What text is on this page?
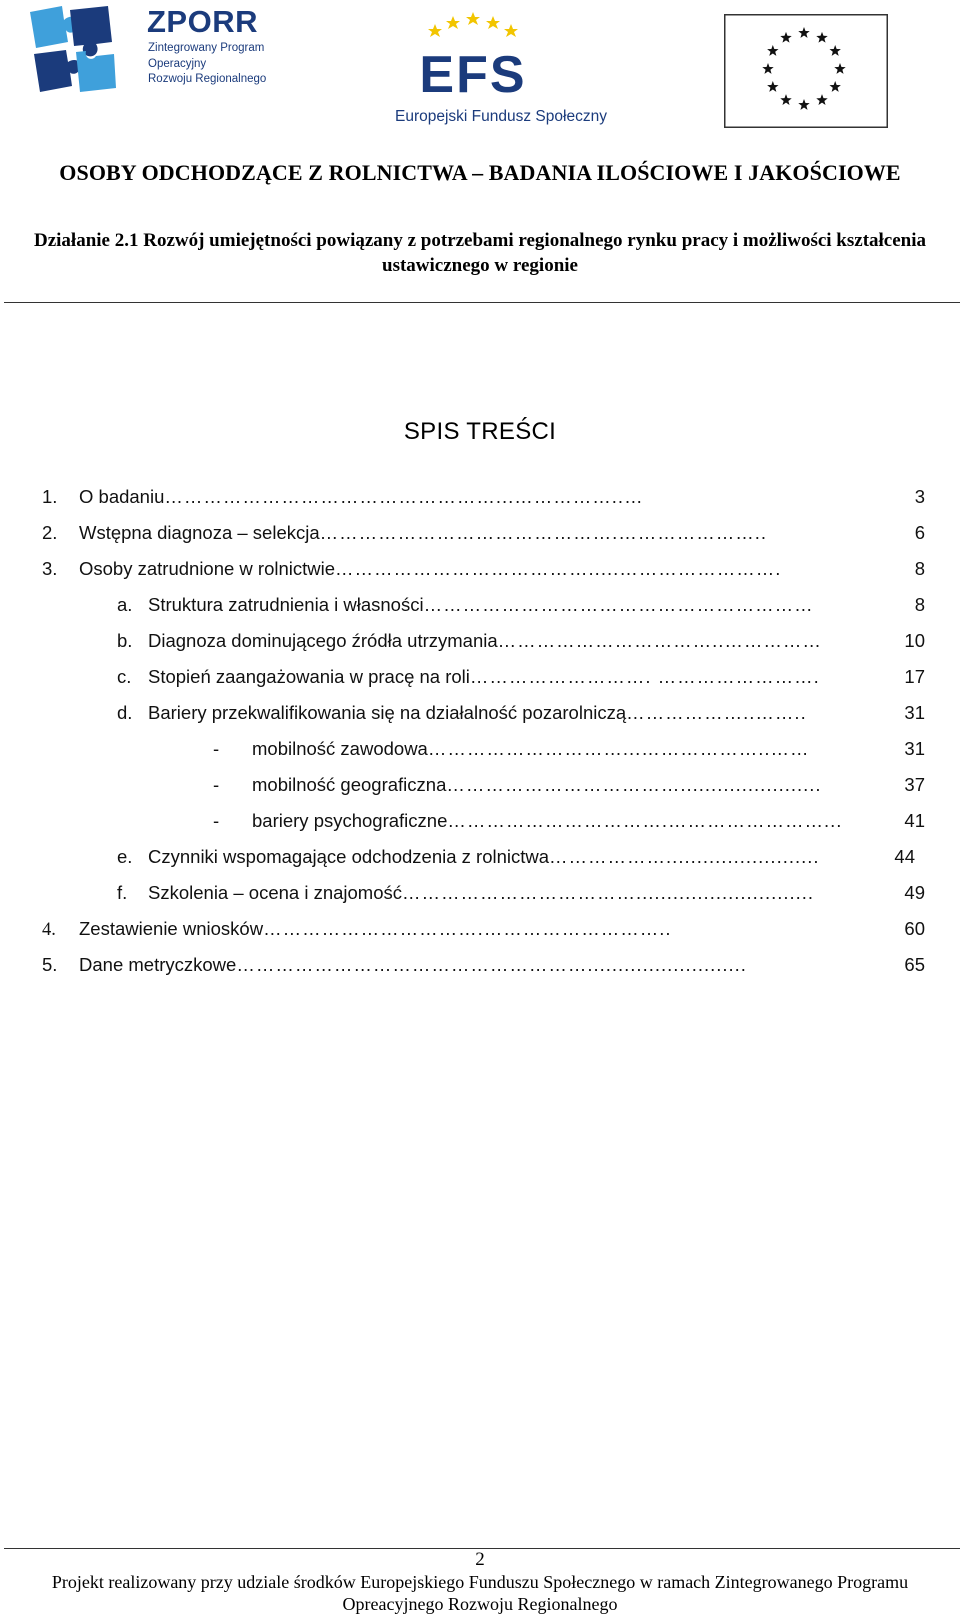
ZPORR
Zintegrowany Program
Operacyjny
Rozwoju Regionalnego	EFS
Europejski Fundusz Społeczny
OSOBY ODCHODZĄCE Z ROLNICTWA – BADANIA ILOŚCIOWE I JAKOŚCIOWE
Działanie 2.1 Rozwój umiejętności powiązany z potrzebami regionalnego rynku pracy i możliwości kształcenia ustawicznego w regionie
SPIS TREŚCI
1.	O badaniu ……………………………………………...……………..…	3
2.	Wstępna diagnoza – selekcja ……………………………………….…………………..	6
3.	Osoby zatrudnione w rolnictwie ………………………………….....…………………….	8
a. Struktura zatrudnienia i własności ……………………………………………………	8
b. Diagnoza dominującego źródła utrzymania ……………………………..……………	10
c. Stopień zaangażowania w pracę na roli ………………………. …………………….	17
d. Bariery przekwalifikowania się na działalność pozarolniczą ………………..……..	31
-	mobilność zawodowa …………………………...………………..……	31
-	mobilność geograficzna ……………………………….......................	37
-	bariery psychograficzne …………………………….……………………...	41
e. Czynniki wspomagające odchodzenia z rolnictwa ……………….........................	44
f.	Szkolenia – ocena i znajomość ……………………………….............................	49
4.	Zestawienie wniosków …………………………….………………………..	60
5.	Dane metryczkowe ………………………………………………..........................	65
2
Projekt realizowany przy udziale środków Europejskiego Funduszu Społecznego w ramach Zintegrowanego Programu Opreacyjnego Rozwoju Regionalnego
